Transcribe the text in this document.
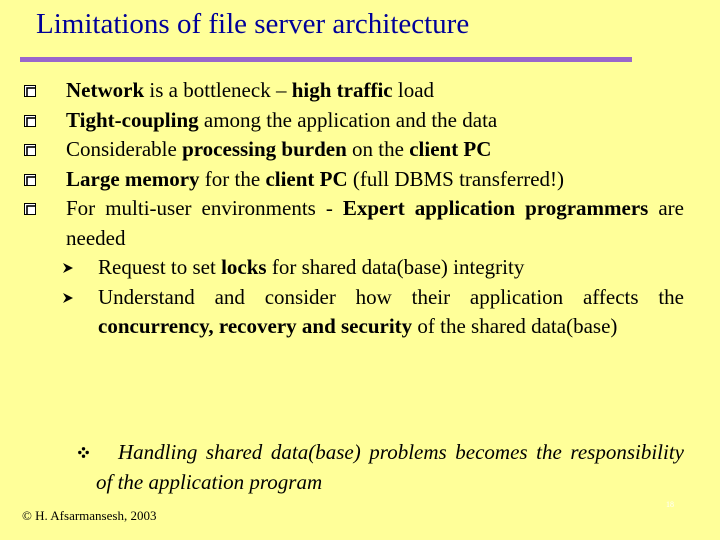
Limitations of file server architecture
Network is a bottleneck – high traffic load
Tight-coupling among the application and the data
Considerable processing burden on the client PC
Large memory for the client PC (full DBMS transferred!)
For multi-user environments - Expert application programmers are needed
Request to set locks for shared data(base) integrity
Understand and consider how their application affects the concurrency, recovery and security of the shared data(base)
Handling shared data(base) problems becomes the responsibility of the application program
© H. Afsarmansesh, 2003
18
